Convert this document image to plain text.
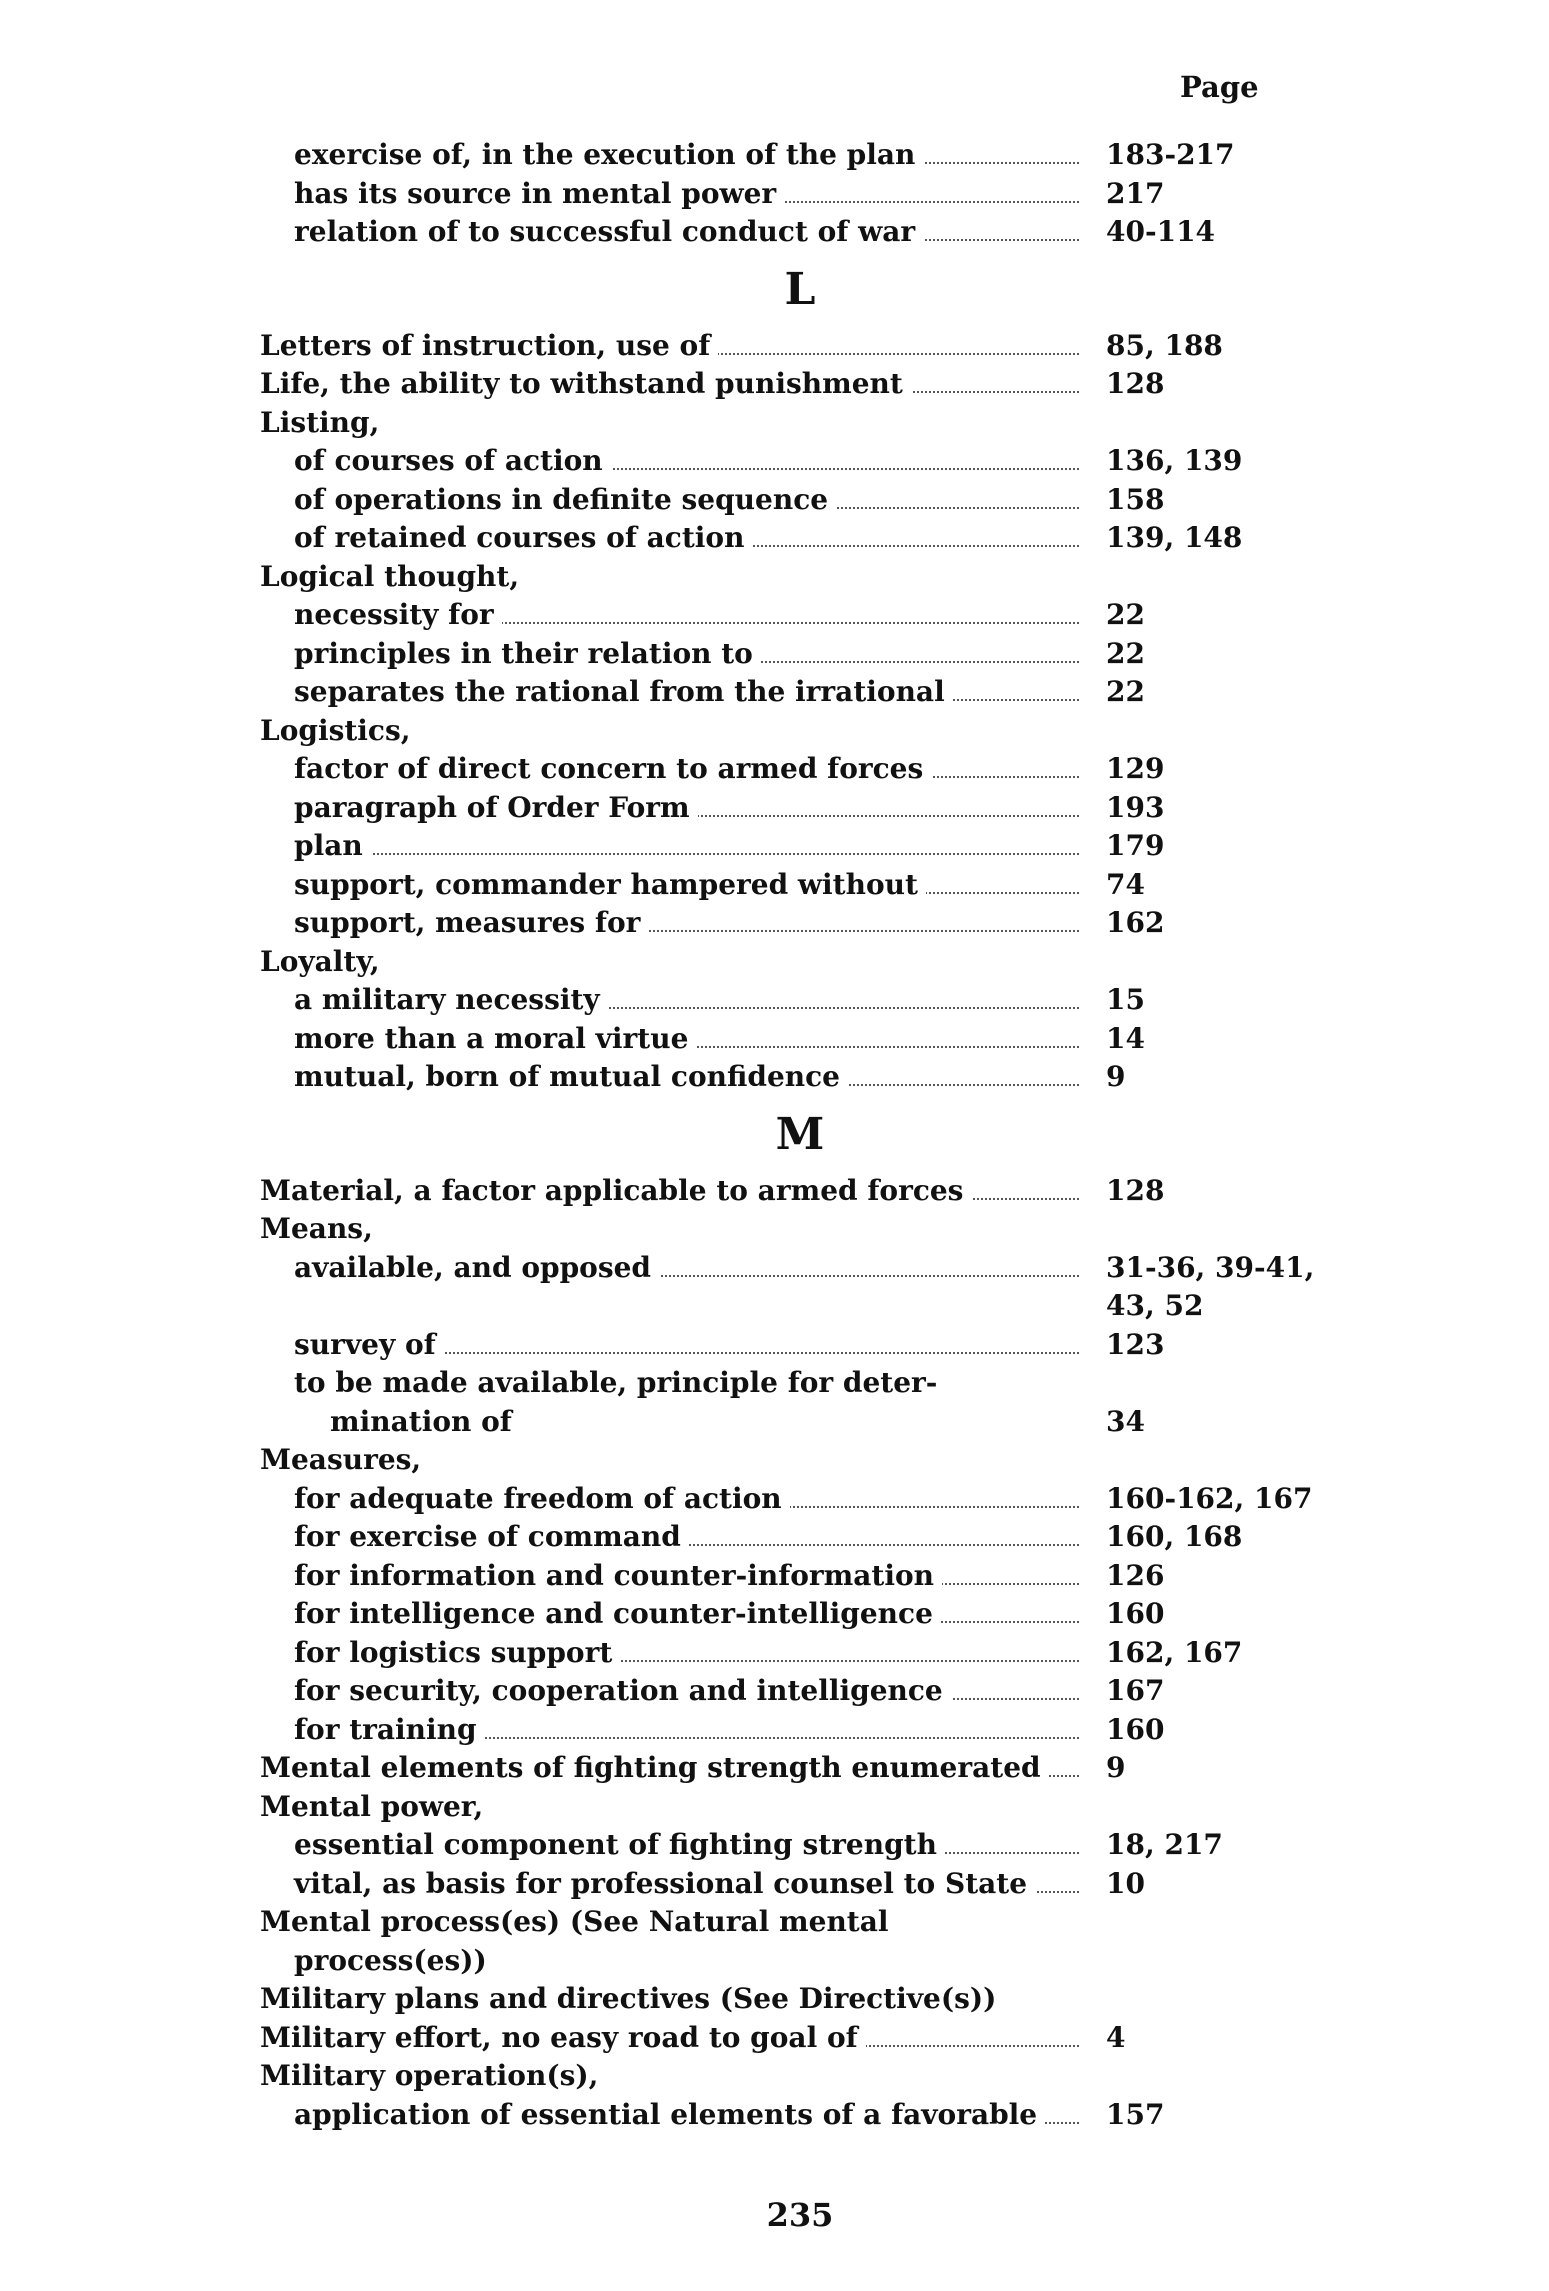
Page
exercise of, in the execution of the plan	183-217
has its source in mental power	217
relation of to successful conduct of war	40-114
L
Letters of instruction, use of	85, 188
Life, the ability to withstand punishment	128
Listing,
of courses of action	136, 139
of operations in definite sequence	158
of retained courses of action	139, 148
Logical thought,
necessity for	22
principles in their relation to	22
separates the rational from the irrational	22
Logistics,
factor of direct concern to armed forces	129
paragraph of Order Form	193
plan	179
support, commander hampered without	74
support, measures for	162
Loyalty,
a military necessity	15
more than a moral virtue	14
mutual, born of mutual confidence	9
M
Material, a factor applicable to armed forces	128
Means,
available, and opposed	31-36, 39-41,
43, 52
survey of	123
to be made available, principle for deter-
mination of	34
Measures,
for adequate freedom of action	160-162, 167
for exercise of command	160, 168
for information and counter-information	126
for intelligence and counter-intelligence	160
for logistics support	162, 167
for security, cooperation and intelligence	167
for training	160
Mental elements of fighting strength enumerated 9
Mental power,
essential component of fighting strength	18, 217
vital, as basis for professional counsel to State	10
Mental process(es) (See Natural mental
process(es))
Military plans and directives (See Directive(s))
Military effort, no easy road to goal of	4
Military operation(s),
application of essential elements of a favorable 157
235
